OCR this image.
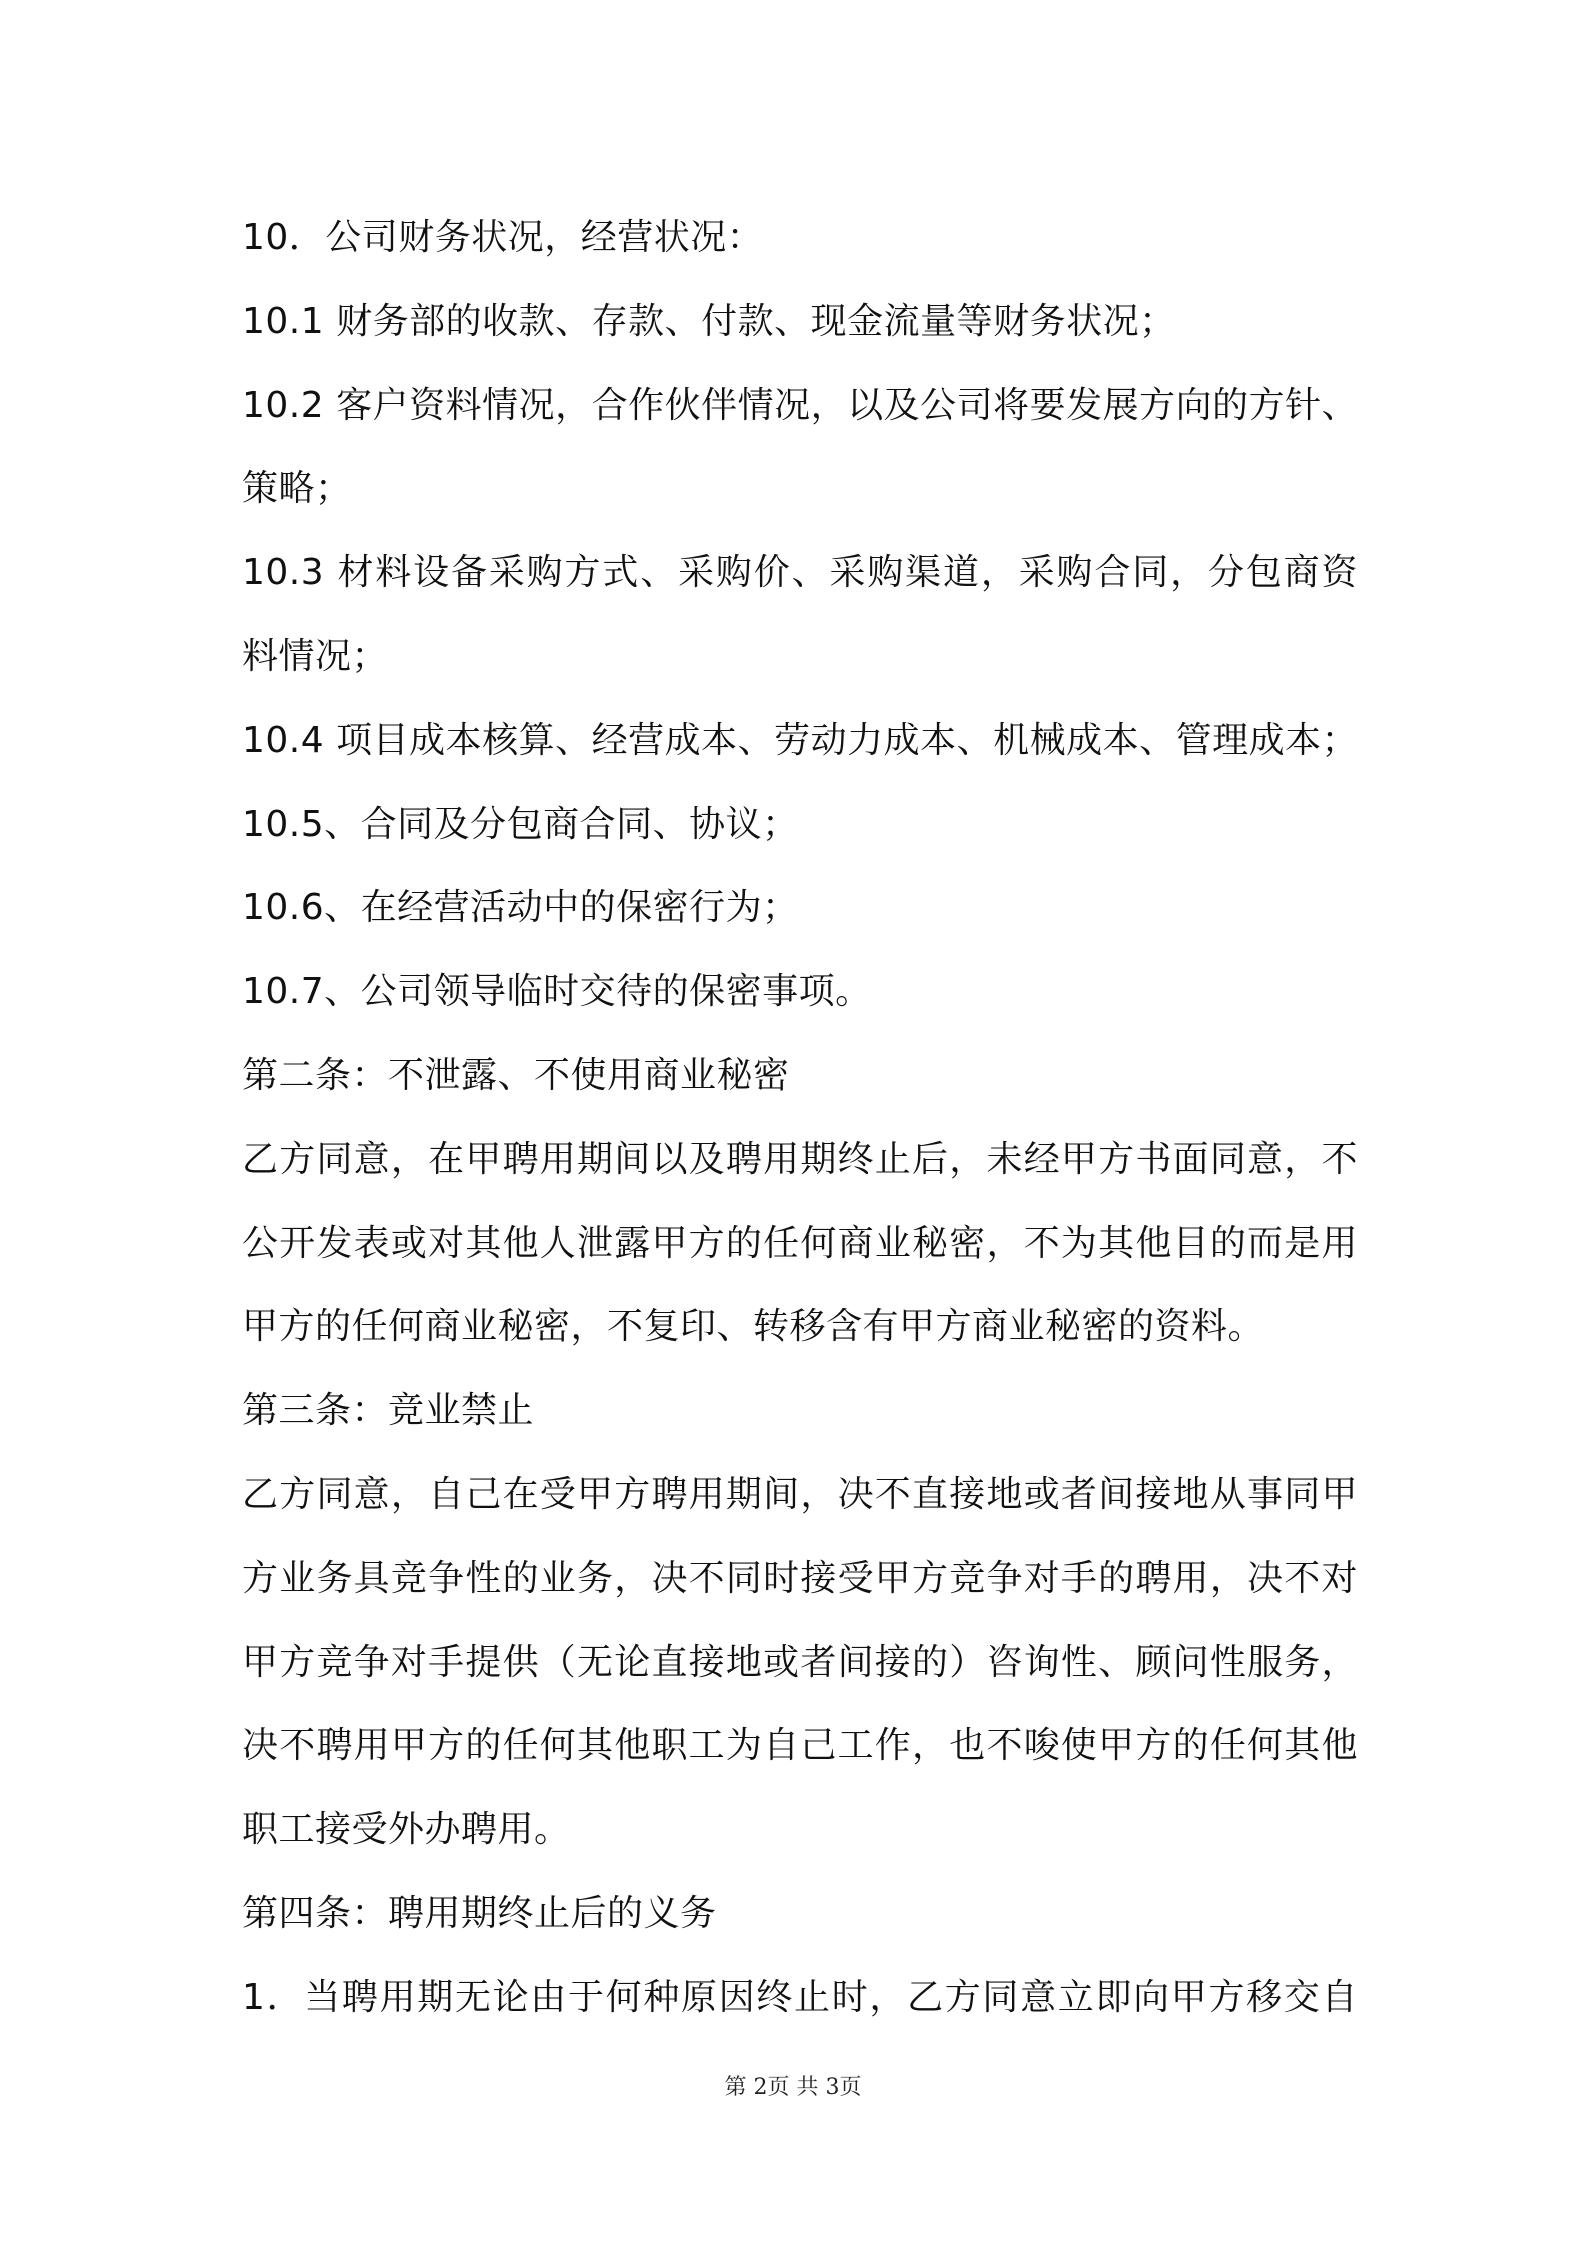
10．公司财务状况，经营状况：
10.1 财务部的收款、存款、付款、现金流量等财务状况；
10.2 客户资料情况，合作伙伴情况，以及公司将要发展方向的方针、
策略；
10.3 材料设备采购方式、采购价、采购渠道，采购合同，分包商资
料情况；
10.4 项目成本核算、经营成本、劳动力成本、机械成本、管理成本；
10.5、合同及分包商合同、协议；
10.6、在经营活动中的保密行为；
10.7、公司领导临时交待的保密事项。
第二条：不泄露、不使用商业秘密
乙方同意，在甲聘用期间以及聘用期终止后，未经甲方书面同意，不
公开发表或对其他人泄露甲方的任何商业秘密，不为其他目的而是用
甲方的任何商业秘密，不复印、转移含有甲方商业秘密的资料。
第三条：竞业禁止
乙方同意，自己在受甲方聘用期间，决不直接地或者间接地从事同甲
方业务具竞争性的业务，决不同时接受甲方竞争对手的聘用，决不对
甲方竞争对手提供（无论直接地或者间接的）咨询性、顾问性服务，
决不聘用甲方的任何其他职工为自己工作，也不唆使甲方的任何其他
职工接受外办聘用。
第四条：聘用期终止后的义务
1．当聘用期无论由于何种原因终止时，乙方同意立即向甲方移交自
第 2页 共 3页
